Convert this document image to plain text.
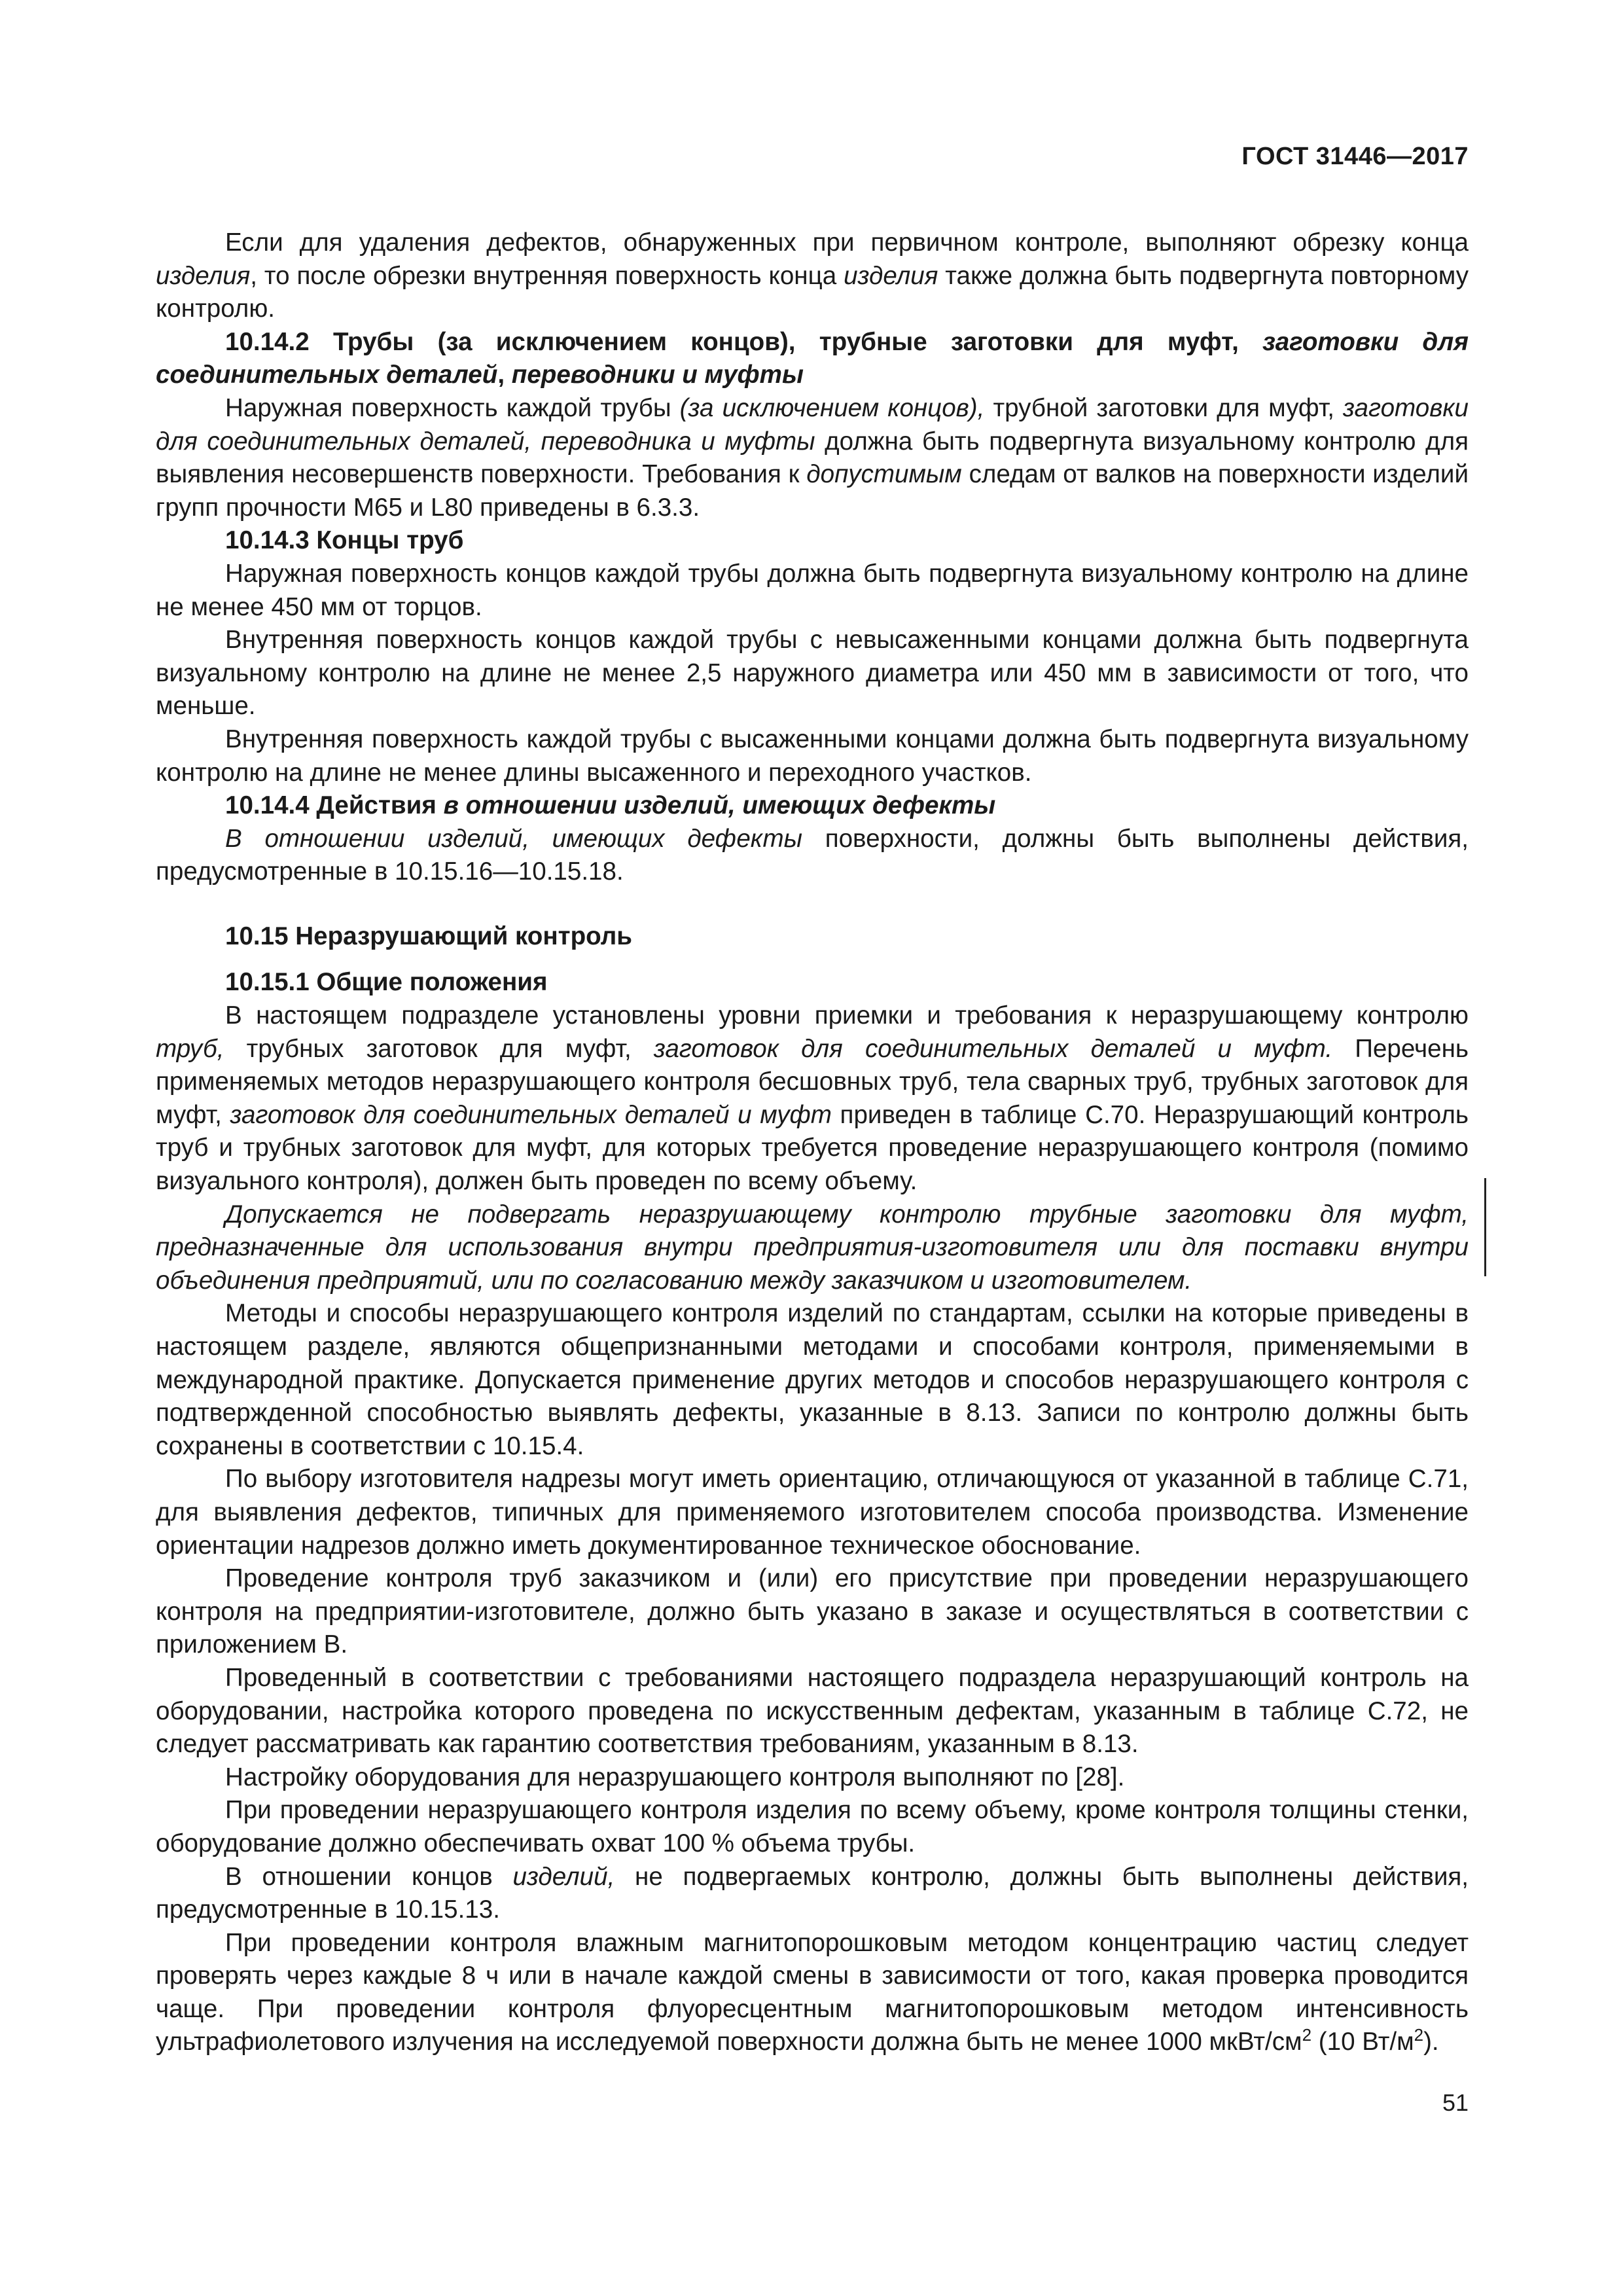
ГОСТ 31446—2017

Если для удаления дефектов, обнаруженных при первичном контроле, выполняют обрезку конца изделия, то после обрезки внутренняя поверхность конца изделия также должна быть подвергнута повторному контролю.

10.14.2 Трубы (за исключением концов), трубные заготовки для муфт, заготовки для соединительных деталей, переводники и муфты

Наружная поверхность каждой трубы (за исключением концов), трубной заготовки для муфт, заготовки для соединительных деталей, переводника и муфты должна быть подвергнута визуальному контролю для выявления несовершенств поверхности. Требования к допустимым следам от валков на поверхности изделий групп прочности М65 и L80 приведены в 6.3.3.

10.14.3 Концы труб

Наружная поверхность концов каждой трубы должна быть подвергнута визуальному контролю на длине не менее 450 мм от торцов.

Внутренняя поверхность концов каждой трубы с невысаженными концами должна быть подвергнута визуальному контролю на длине не менее 2,5 наружного диаметра или 450 мм в зависимости от того, что меньше.

Внутренняя поверхность каждой трубы с высаженными концами должна быть подвергнута визуальному контролю на длине не менее длины высаженного и переходного участков.

10.14.4 Действия в отношении изделий, имеющих дефекты

В отношении изделий, имеющих дефекты поверхности, должны быть выполнены действия, предусмотренные в 10.15.16—10.15.18.

10.15 Неразрушающий контроль

10.15.1 Общие положения

В настоящем подразделе установлены уровни приемки и требования к неразрушающему контролю труб, трубных заготовок для муфт, заготовок для соединительных деталей и муфт. Перечень применяемых методов неразрушающего контроля бесшовных труб, тела сварных труб, трубных заготовок для муфт, заготовок для соединительных деталей и муфт приведен в таблице С.70. Неразрушающий контроль труб и трубных заготовок для муфт, для которых требуется проведение неразрушающего контроля (помимо визуального контроля), должен быть проведен по всему объему.

Допускается не подвергать неразрушающему контролю трубные заготовки для муфт, предназначенные для использования внутри предприятия-изготовителя или для поставки внутри объединения предприятий, или по согласованию между заказчиком и изготовителем.

Методы и способы неразрушающего контроля изделий по стандартам, ссылки на которые приведены в настоящем разделе, являются общепризнанными методами и способами контроля, применяемыми в международной практике. Допускается применение других методов и способов неразрушающего контроля с подтвержденной способностью выявлять дефекты, указанные в 8.13. Записи по контролю должны быть сохранены в соответствии с 10.15.4.

По выбору изготовителя надрезы могут иметь ориентацию, отличающуюся от указанной в таблице С.71, для выявления дефектов, типичных для применяемого изготовителем способа производства. Изменение ориентации надрезов должно иметь документированное техническое обоснование.

Проведение контроля труб заказчиком и (или) его присутствие при проведении неразрушающего контроля на предприятии-изготовителе, должно быть указано в заказе и осуществляться в соответствии с приложением В.

Проведенный в соответствии с требованиями настоящего подраздела неразрушающий контроль на оборудовании, настройка которого проведена по искусственным дефектам, указанным в таблице С.72, не следует рассматривать как гарантию соответствия требованиям, указанным в 8.13.

Настройку оборудования для неразрушающего контроля выполняют по [28].

При проведении неразрушающего контроля изделия по всему объему, кроме контроля толщины стенки, оборудование должно обеспечивать охват 100 % объема трубы.

В отношении концов изделий, не подвергаемых контролю, должны быть выполнены действия, предусмотренные в 10.15.13.

При проведении контроля влажным магнитопорошковым методом концентрацию частиц следует проверять через каждые 8 ч или в начале каждой смены в зависимости от того, какая проверка проводится чаще. При проведении контроля флуоресцентным магнитопорошковым методом интенсивность ультрафиолетового излучения на исследуемой поверхности должна быть не менее 1000 мкВт/$см^2$ (10 $Вт/м^2$).

51
